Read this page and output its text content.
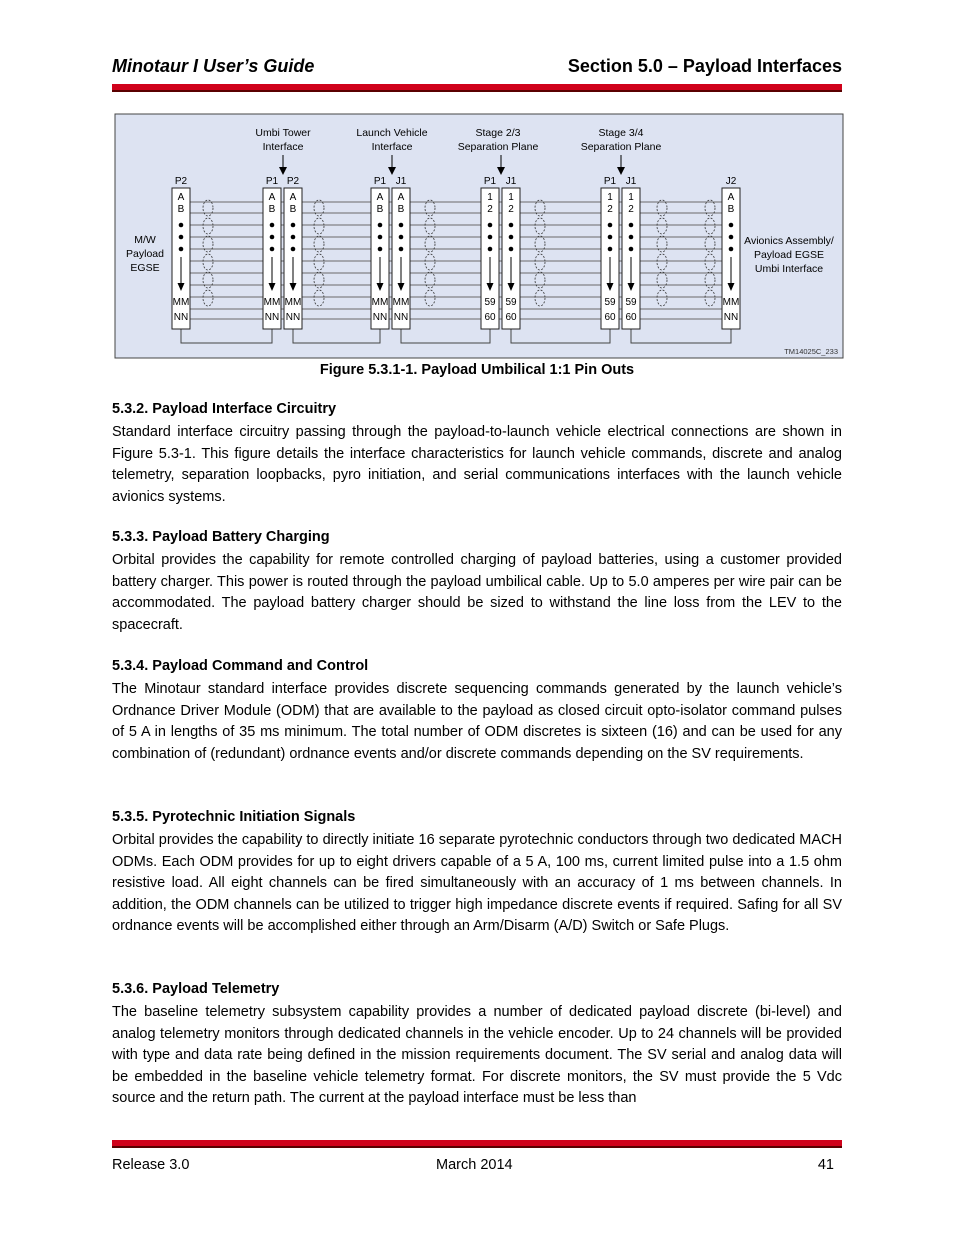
Minotaur I User’s Guide	Section 5.0 – Payload Interfaces
P2
A
B
MM
NN
P1
A
B
MM
NN
P2
A
B
MM
NN
P1
A
B
MM
NN
J1
A
B
MM
NN
P1
1
2
59
60
J1
1
2
59
60
P1
1
2
59
60
J1
1
2
59
60
J2
A
B
MM
NN
Umbi Tower
Interface
Launch Vehicle
Interface
Stage 2/3
Separation Plane
Stage 3/4
Separation Plane
M/W
Payload
EGSE
Avionics Assembly/
Payload EGSE
Umbi Interface
TM14025C_233
Figure 5.3.1-1. Payload Umbilical 1:1 Pin Outs
5.3.2. Payload Interface Circuitry

Standard interface circuitry passing through the payload-to-launch vehicle electrical connections are shown in Figure 5.3-1. This figure details the interface characteristics for launch vehicle commands, discrete and analog telemetry, separation loopbacks, pyro initiation, and serial communications interfaces with the launch vehicle avionics systems.

5.3.3. Payload Battery Charging

Orbital provides the capability for remote controlled charging of payload batteries, using a customer provided battery charger. This power is routed through the payload umbilical cable. Up to 5.0 amperes per wire pair can be accommodated. The payload battery charger should be sized to withstand the line loss from the LEV to the spacecraft.

5.3.4. Payload Command and Control

The Minotaur standard interface provides discrete sequencing commands generated by the launch vehicle’s Ordnance Driver Module (ODM) that are available to the payload as closed circuit opto-isolator command pulses of 5 A in lengths of 35 ms minimum. The total number of ODM discretes is sixteen (16) and can be used for any combination of (redundant) ordnance events and/or discrete commands depending on the SV requirements.

5.3.5. Pyrotechnic Initiation Signals

Orbital provides the capability to directly initiate 16 separate pyrotechnic conductors through two dedicated MACH ODMs. Each ODM provides for up to eight drivers capable of a 5 A, 100 ms, current limited pulse into a 1.5 ohm resistive load. All eight channels can be fired simultaneously with an accuracy of 1 ms between channels. In addition, the ODM channels can be utilized to trigger high impedance discrete events if required. Safing for all SV ordnance events will be accomplished either through an Arm/Disarm (A/D) Switch or Safe Plugs.

5.3.6. Payload Telemetry

The baseline telemetry subsystem capability provides a number of dedicated payload discrete (bi-level) and analog telemetry monitors through dedicated channels in the vehicle encoder. Up to 24 channels will be provided with type and data rate being defined in the mission requirements document. The SV serial and analog data will be embedded in the baseline vehicle telemetry format. For discrete monitors, the SV must provide the 5 Vdc source and the return path. The current at the payload interface must be less than

Release 3.0	March 2014	41
